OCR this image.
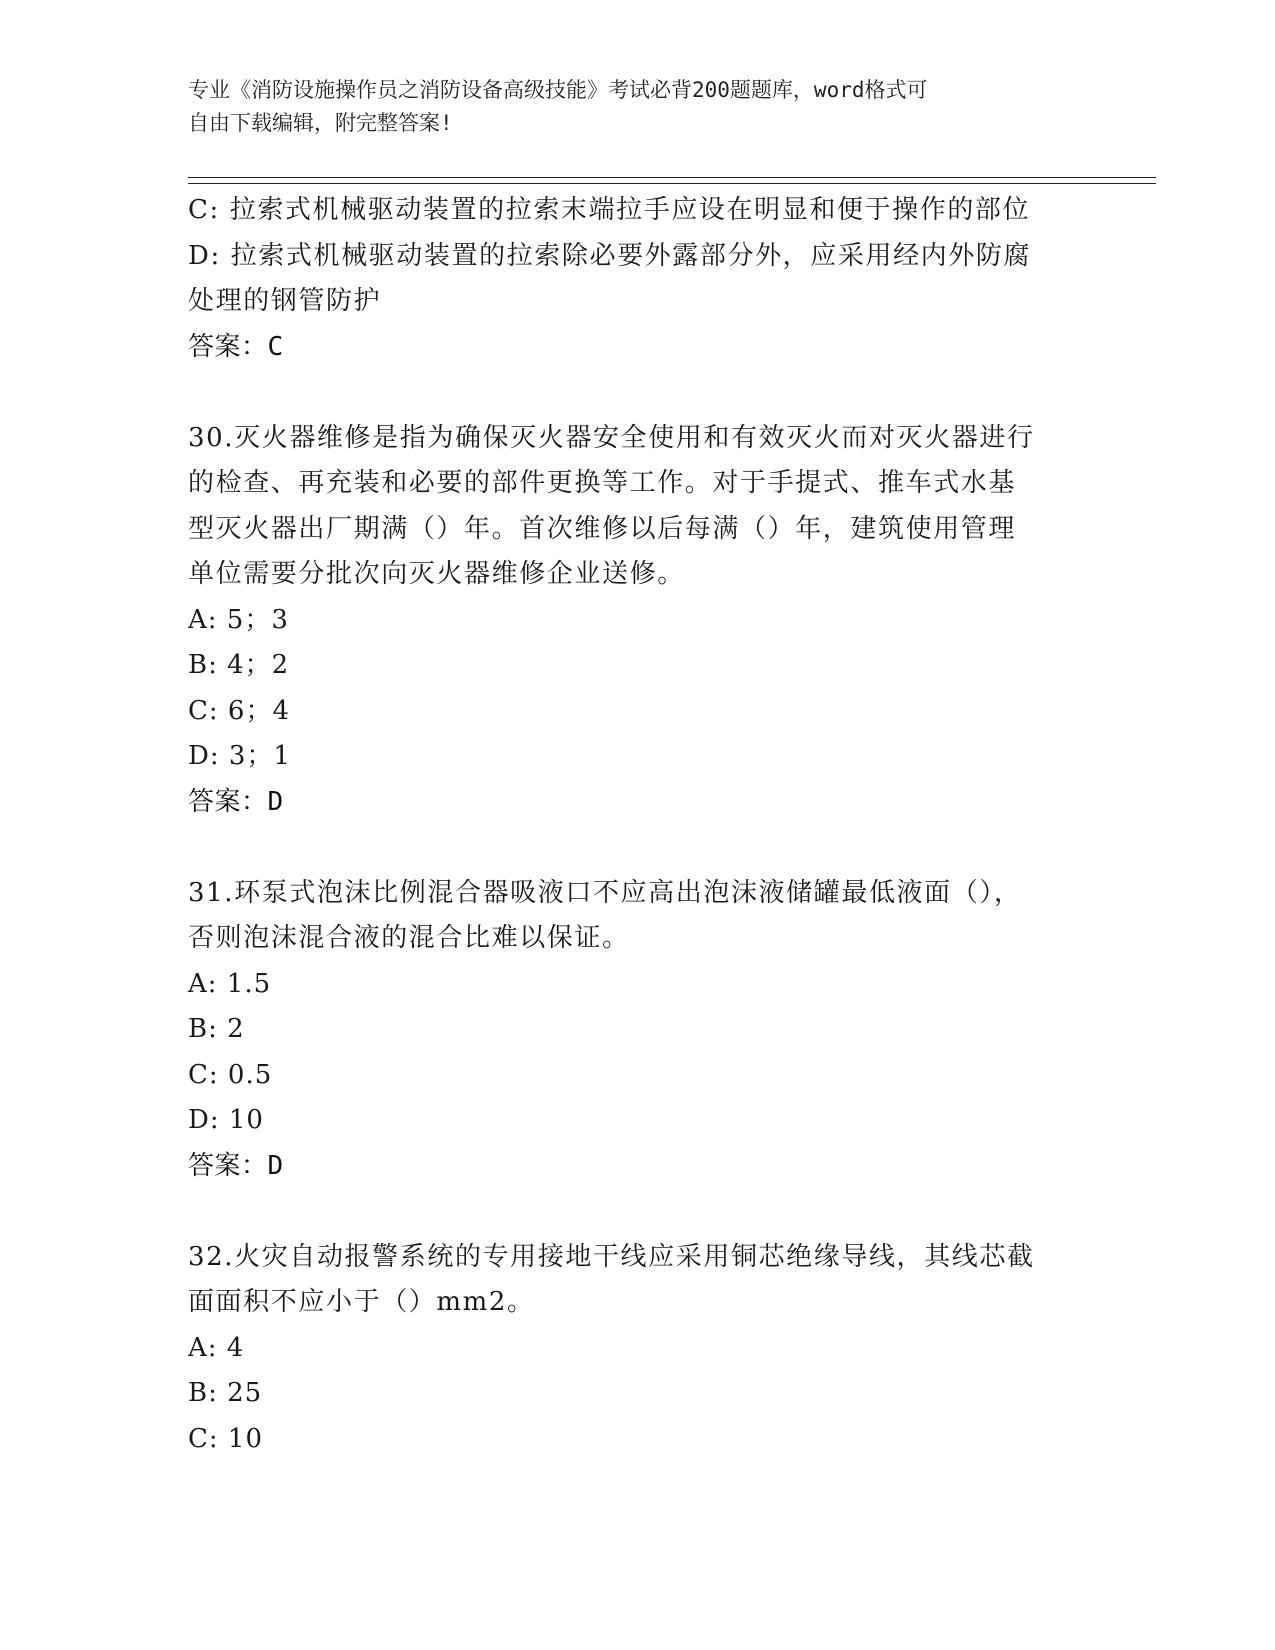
专业《消防设施操作员之消防设备高级技能》考试必背200题题库，word格式可
自由下载编辑，附完整答案!
C: 拉索式机械驱动装置的拉索末端拉手应设在明显和便于操作的部位
D: 拉索式机械驱动装置的拉索除必要外露部分外，应采用经内外防腐
处理的钢管防护
答案：C
30.灭火器维修是指为确保灭火器安全使用和有效灭火而对灭火器进行
的检查、再充装和必要的部件更换等工作。对于手提式、推车式水基
型灭火器出厂期满（）年。首次维修以后每满（）年，建筑使用管理
单位需要分批次向灭火器维修企业送修。
A: 5；3
B: 4；2
C: 6；4
D: 3；1
答案：D
31.环泵式泡沫比例混合器吸液口不应高出泡沫液储罐最低液面（），
否则泡沫混合液的混合比难以保证。
A: 1.5
B: 2
C: 0.5
D: 10
答案：D
32.火灾自动报警系统的专用接地干线应采用铜芯绝缘导线，其线芯截
面面积不应小于（）mm2。
A: 4
B: 25
C: 10
